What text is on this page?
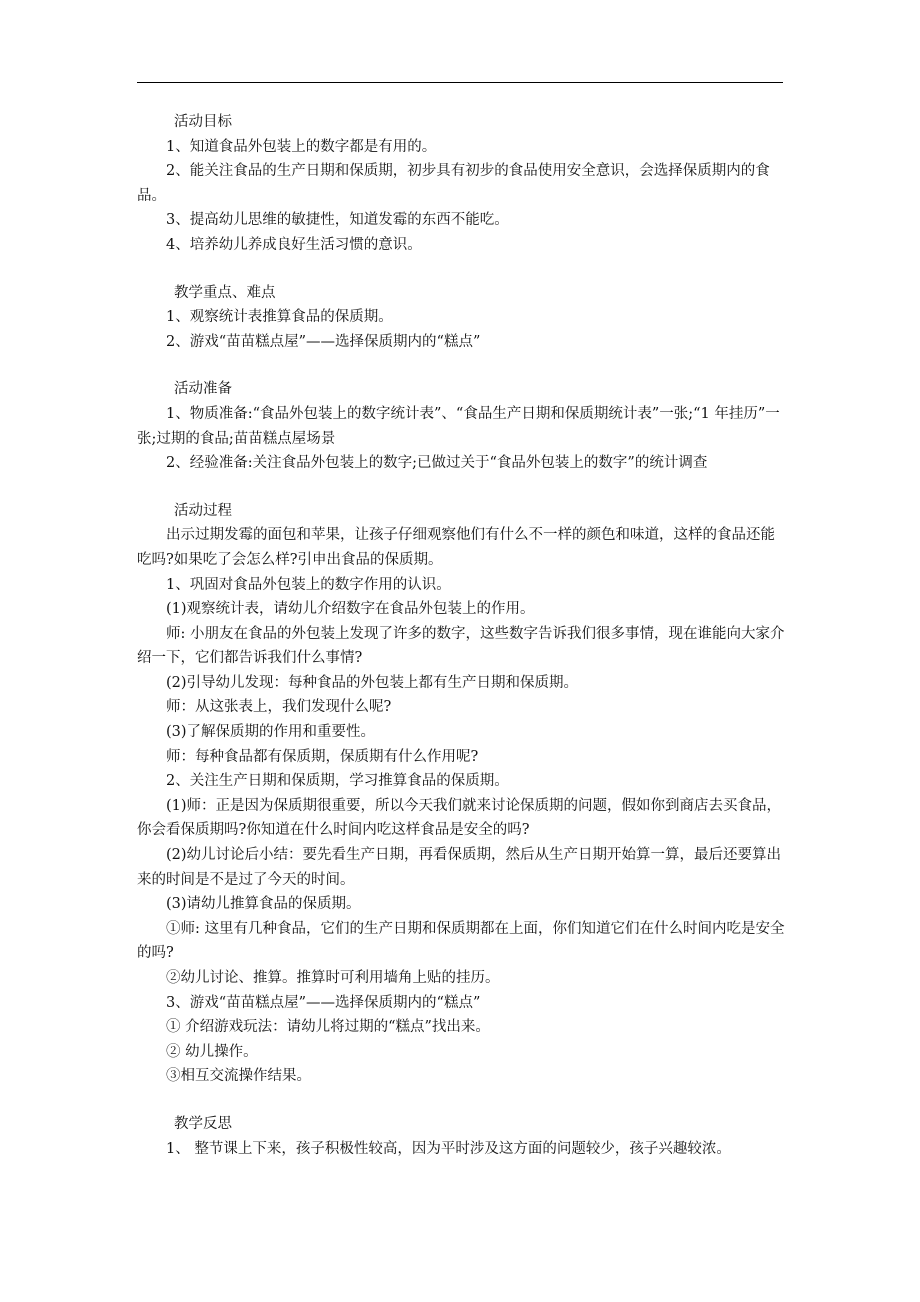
活动目标

1、知道食品外包装上的数字都是有用的。

2、能关注食品的生产日期和保质期，初步具有初步的食品使用安全意识，会选择保质期内的食品。

3、提高幼儿思维的敏捷性，知道发霉的东西不能吃。

4、培养幼儿养成良好生活习惯的意识。

教学重点、难点

1、观察统计表推算食品的保质期。

2、游戏“苗苗糕点屋”——选择保质期内的“糕点”

活动准备

1、物质准备:“食品外包装上的数字统计表”、“食品生产日期和保质期统计表”一张;“1 年挂历”一张;过期的食品;苗苗糕点屋场景

2、经验准备:关注食品外包装上的数字;已做过关于“食品外包装上的数字”的统计调查

活动过程

出示过期发霉的面包和苹果，让孩子仔细观察他们有什么不一样的颜色和味道，这样的食品还能吃吗?如果吃了会怎么样?引申出食品的保质期。

1、巩固对食品外包装上的数字作用的认识。

(1)观察统计表，请幼儿介绍数字在食品外包装上的作用。

师: 小朋友在食品的外包装上发现了许多的数字，这些数字告诉我们很多事情，现在谁能向大家介绍一下，它们都告诉我们什么事情?

(2)引导幼儿发现：每种食品的外包装上都有生产日期和保质期。

师：从这张表上，我们发现什么呢?

(3)了解保质期的作用和重要性。

师：每种食品都有保质期，保质期有什么作用呢?

2、关注生产日期和保质期，学习推算食品的保质期。

(1)师：正是因为保质期很重要，所以今天我们就来讨论保质期的问题，假如你到商店去买食品，你会看保质期吗?你知道在什么时间内吃这样食品是安全的吗?

(2)幼儿讨论后小结：要先看生产日期，再看保质期，然后从生产日期开始算一算，最后还要算出来的时间是不是过了今天的时间。

(3)请幼儿推算食品的保质期。

①师: 这里有几种食品，它们的生产日期和保质期都在上面，你们知道它们在什么时间内吃是安全的吗?

②幼儿讨论、推算。推算时可利用墙角上贴的挂历。

3、游戏“苗苗糕点屋”——选择保质期内的“糕点”

① 介绍游戏玩法：请幼儿将过期的“糕点”找出来。

② 幼儿操作。

③相互交流操作结果。

教学反思

1、 整节课上下来，孩子积极性较高，因为平时涉及这方面的问题较少，孩子兴趣较浓。
